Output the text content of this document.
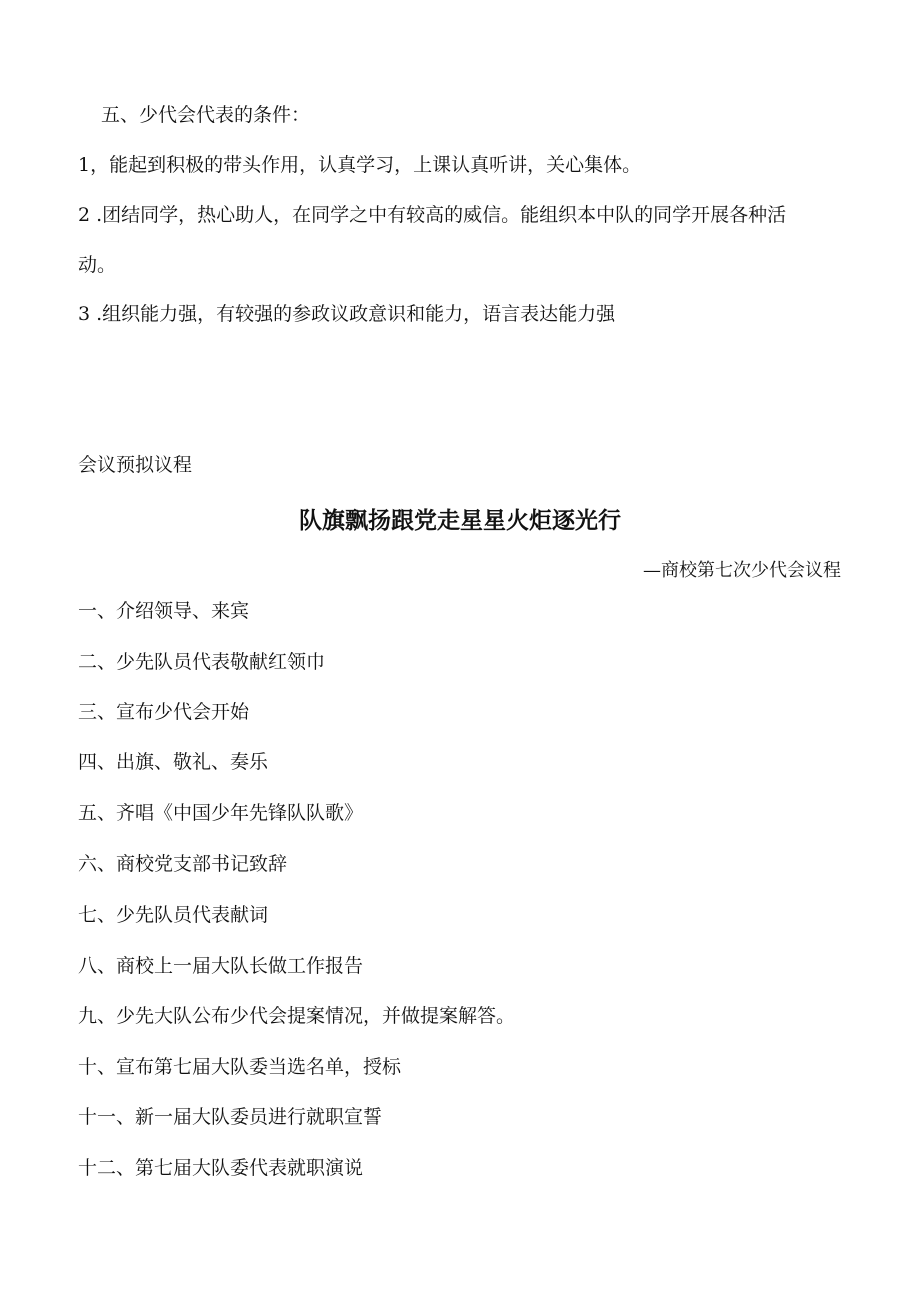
五、少代会代表的条件：

1，能起到积极的带头作用，认真学习，上课认真听讲，关心集体。

2 .团结同学，热心助人，在同学之中有较高的威信。能组织本中队的同学开展各种活

动。

3 .组织能力强，有较强的参政议政意识和能力，语言表达能力强

会议预拟议程

队旗飘扬跟党走星星火炬逐光行

—商校第七次少代会议程

一、介绍领导、来宾

二、少先队员代表敬献红领巾

三、宣布少代会开始

四、出旗、敬礼、奏乐

五、齐唱《中国少年先锋队队歌》

六、商校党支部书记致辞

七、少先队员代表献词

八、商校上一届大队长做工作报告

九、少先大队公布少代会提案情况，并做提案解答。

十、宣布第七届大队委当选名单，授标

十一、新一届大队委员进行就职宣誓

十二、第七届大队委代表就职演说
